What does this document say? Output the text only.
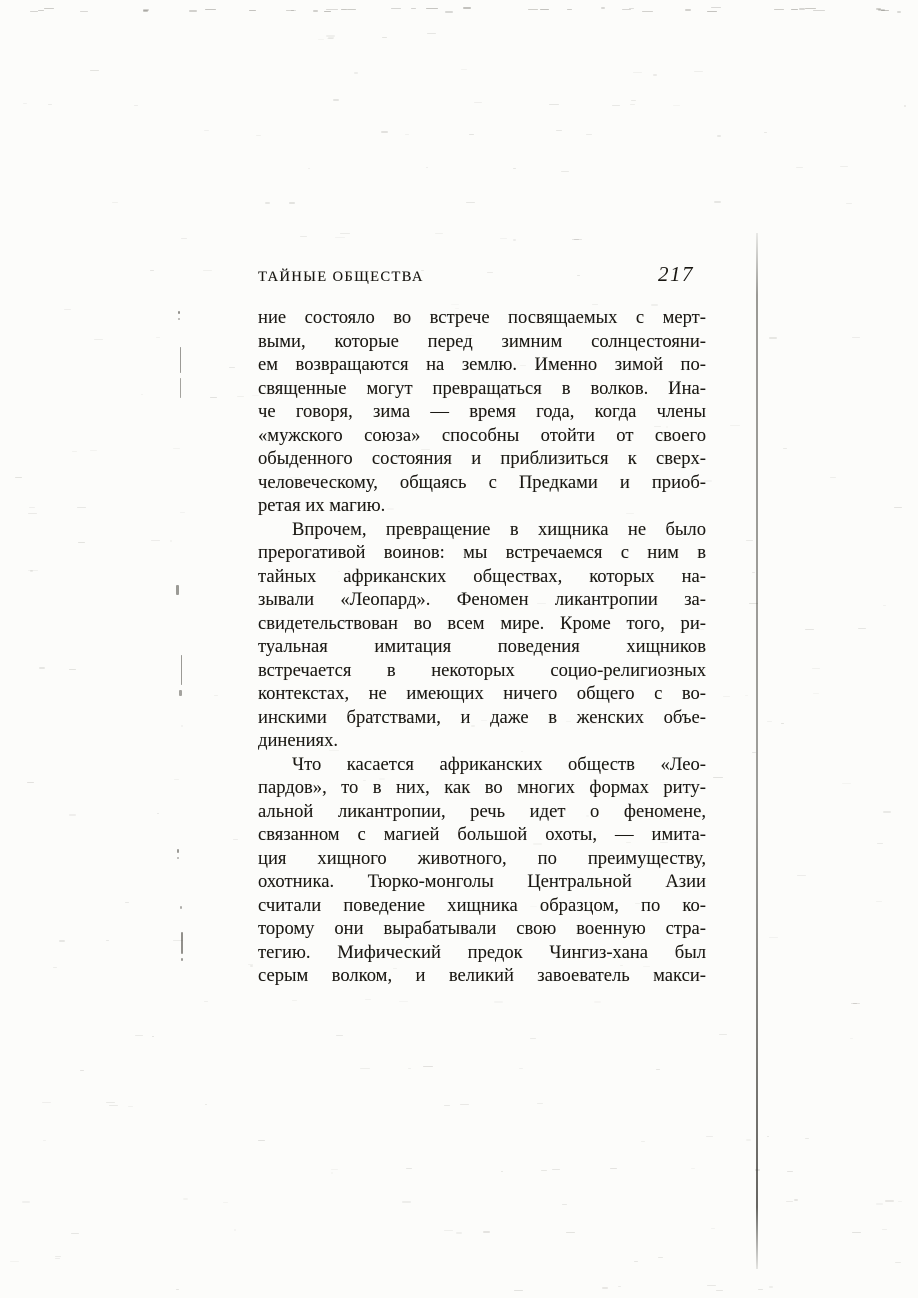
ТАЙНЫЕ ОБЩЕСТВА	217
ние состояло во встрече посвящаемых с мерт-
выми, которые перед зимним солнцестояни-
ем возвращаются на землю. Именно зимой по-
священные могут превращаться в волков. Ина-
че говоря, зима — время года, когда члены
«мужского союза» способны отойти от своего
обыденного состояния и приблизиться к сверх-
человеческому, общаясь с Предками и приоб-
ретая их магию.
Впрочем, превращение в хищника не было
прерогативой воинов: мы встречаемся с ним в
тайных африканских обществах, которых на-
зывали «Леопард». Феномен ликантропии за-
свидетельствован во всем мире. Кроме того, ри-
туальная имитация поведения хищников
встречается в некоторых социо-религиозных
контекстах, не имеющих ничего общего с во-
инскими братствами, и даже в женских объе-
динениях.
Что касается африканских обществ «Лео-
пардов», то в них, как во многих формах риту-
альной ликантропии, речь идет о феномене,
связанном с магией большой охоты, — имита-
ция хищного животного, по преимуществу,
охотника. Тюрко-монголы Центральной Азии
считали поведение хищника образцом, по ко-
торому они вырабатывали свою военную стра-
тегию. Мифический предок Чингиз-хана был
серым волком, и великий завоеватель макси-
